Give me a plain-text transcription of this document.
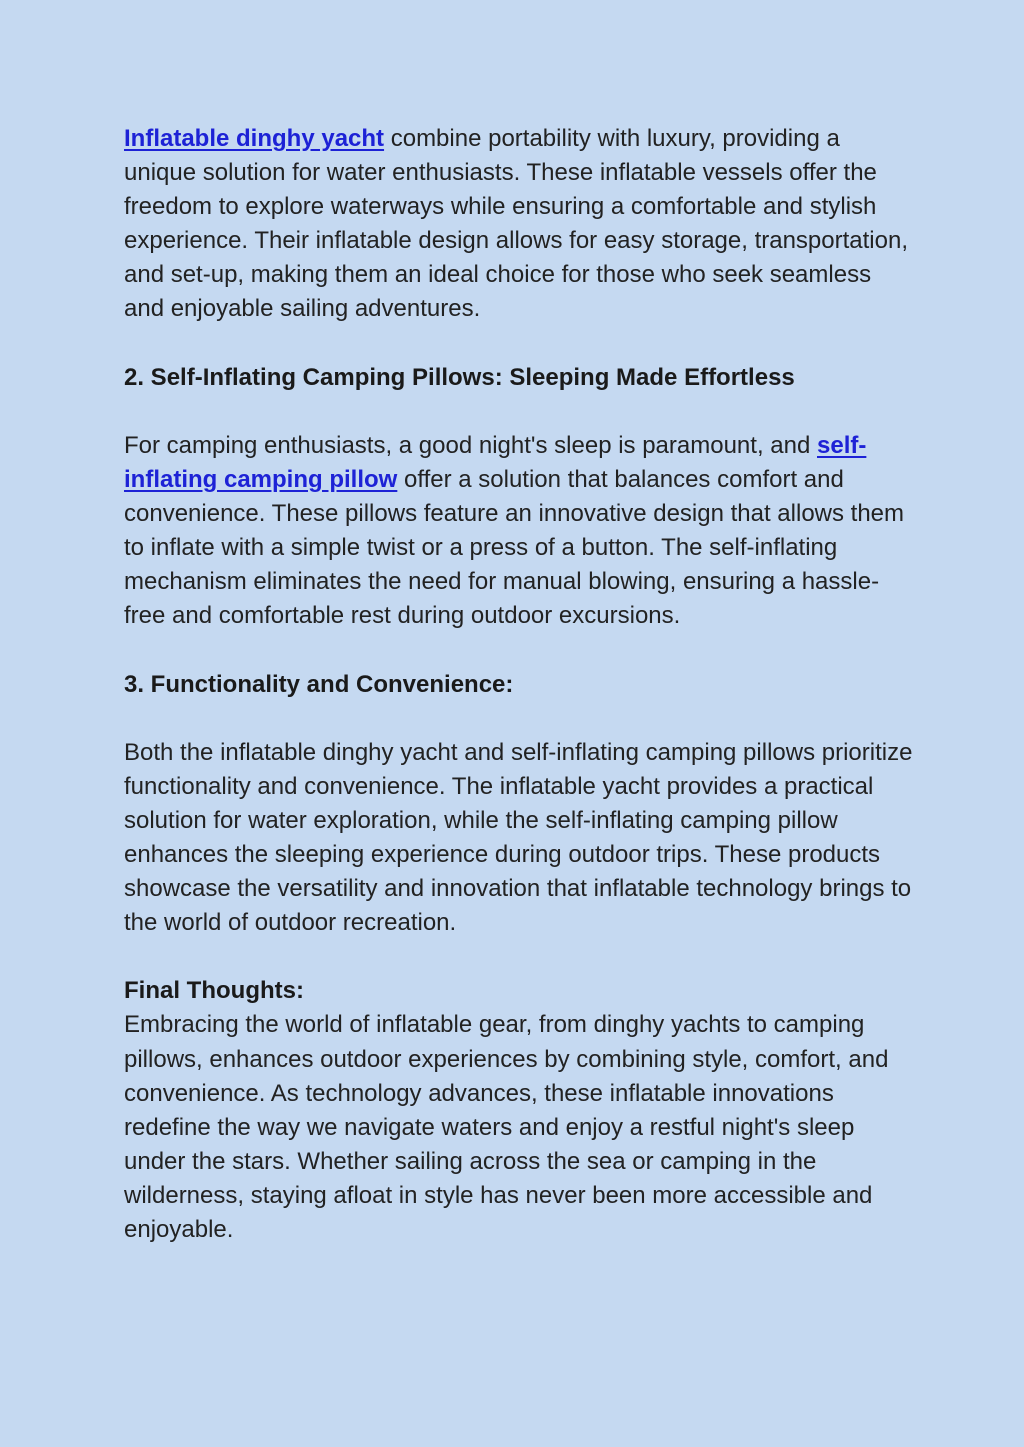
Inflatable dinghy yacht combine portability with luxury, providing a unique solution for water enthusiasts. These inflatable vessels offer the freedom to explore waterways while ensuring a comfortable and stylish experience. Their inflatable design allows for easy storage, transportation, and set-up, making them an ideal choice for those who seek seamless and enjoyable sailing adventures.

2. Self-Inflating Camping Pillows: Sleeping Made Effortless

For camping enthusiasts, a good night's sleep is paramount, and self-inflating camping pillow offer a solution that balances comfort and convenience. These pillows feature an innovative design that allows them to inflate with a simple twist or a press of a button. The self-inflating mechanism eliminates the need for manual blowing, ensuring a hassle-free and comfortable rest during outdoor excursions.

3. Functionality and Convenience:

Both the inflatable dinghy yacht and self-inflating camping pillows prioritize functionality and convenience. The inflatable yacht provides a practical solution for water exploration, while the self-inflating camping pillow enhances the sleeping experience during outdoor trips. These products showcase the versatility and innovation that inflatable technology brings to the world of outdoor recreation.

Final Thoughts:

Embracing the world of inflatable gear, from dinghy yachts to camping pillows, enhances outdoor experiences by combining style, comfort, and convenience. As technology advances, these inflatable innovations redefine the way we navigate waters and enjoy a restful night's sleep under the stars. Whether sailing across the sea or camping in the wilderness, staying afloat in style has never been more accessible and enjoyable.
